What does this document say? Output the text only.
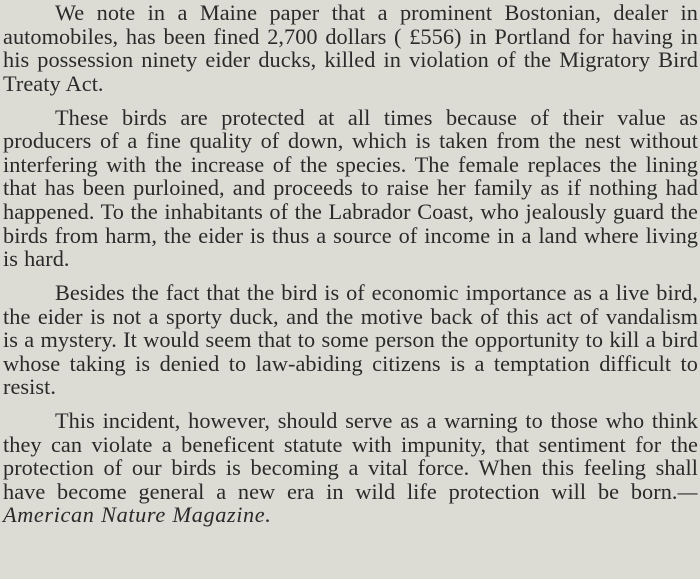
We note in a Maine paper that a prominent Bostonian, dealer in automobiles, has been fined 2,700 dollars ( £556) in Portland for having in his possession ninety eider ducks, killed in violation of the Migratory Bird Treaty Act.

These birds are protected at all times because of their value as producers of a fine quality of down, which is taken from the nest without interfering with the increase of the species. The female replaces the lining that has been purloined, and proceeds to raise her family as if nothing had happened. To the inhabitants of the Labrador Coast, who jealously guard the birds from harm, the eider is thus a source of income in a land where living is hard.

Besides the fact that the bird is of economic importance as a live bird, the eider is not a sporty duck, and the motive back of this act of vandalism is a mystery. It would seem that to some person the opportunity to kill a bird whose taking is denied to law-abiding citizens is a temptation difficult to resist.

This incident, however, should serve as a warning to those who think they can violate a beneficent statute with impunity, that sentiment for the protection of our birds is becoming a vital force. When this feeling shall have become general a new era in wild life protection will be born.—American Nature Magazine.
